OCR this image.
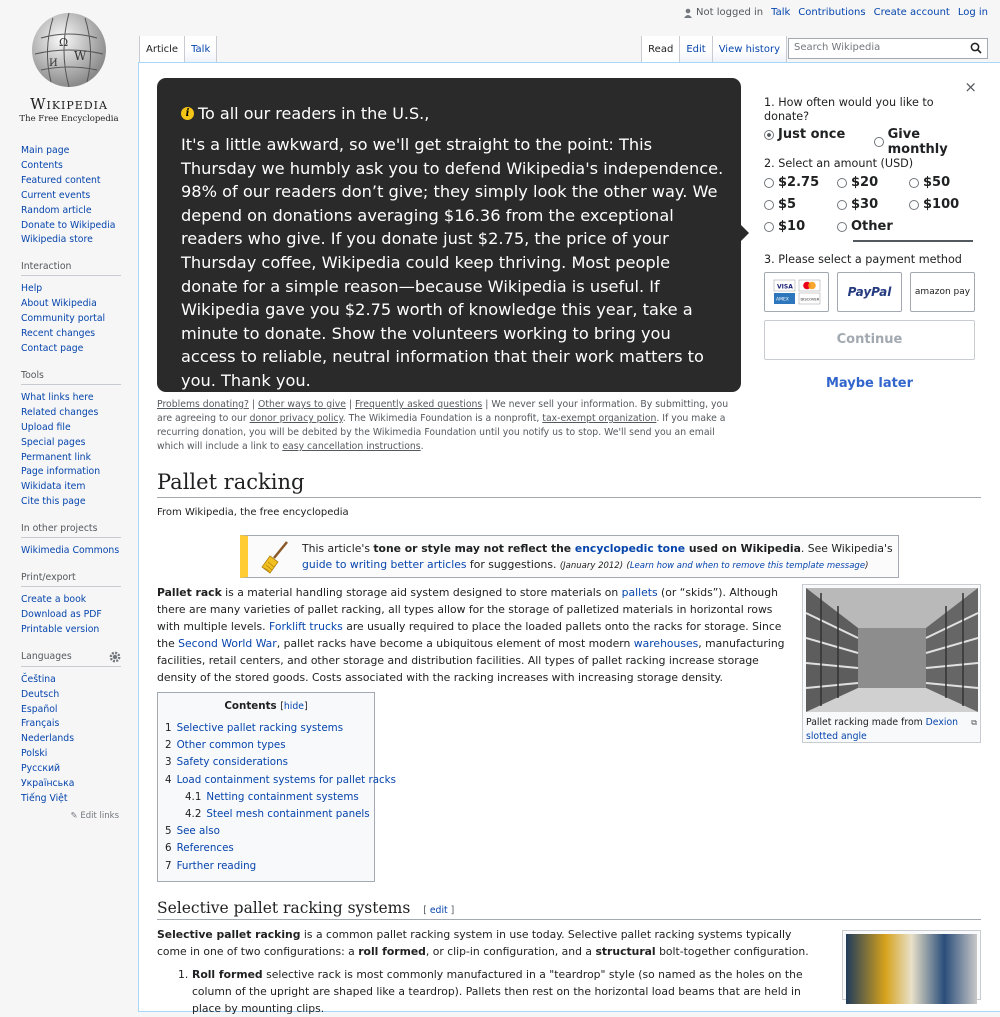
Not logged in Talk Contributions Create account Log in
Ω
W
И
Wikipedia
The Free Encyclopedia
Main page
Contents
Featured content
Current events
Random article
Donate to Wikipedia
Wikipedia store
Interaction
Help
About Wikipedia
Community portal
Recent changes
Contact page
Tools
What links here
Related changes
Upload file
Special pages
Permanent link
Page information
Wikidata item
Cite this page
In other projects
Wikimedia Commons
Print/export
Create a book
Download as PDF
Printable version
Languages
Čeština
Deutsch
Español
Français
Nederlands
Polski
Русский
Українська
Tiếng Việt
✎ Edit links
Article	Talk	Read	Edit	View history	Search Wikipedia
i To all our readers in the U.S.,
It's a little awkward, so we'll get straight to the point: This Thursday we humbly ask you to defend Wikipedia's independence. 98% of our readers don’t give; they simply look the other way. We depend on donations averaging $16.36 from the exceptional readers who give. If you donate just $2.75, the price of your Thursday coffee, Wikipedia could keep thriving. Most people donate for a simple reason—because Wikipedia is useful. If Wikipedia gave you $2.75 worth of knowledge this year, take a minute to donate. Show the volunteers working to bring you access to reliable, neutral information that their work matters to you. Thank you.
×
1. How often would you like to donate?
Just once	Give monthly
2. Select an amount (USD)
$2.75 $20	$50
$5	$30	$100
$10	Other
3. Please select a payment method
VISA
AMEX	DISCOVER
PayPal	amazon pay
Continue
Maybe later
Problems donating? | Other ways to give | Frequently asked questions | We never sell your information. By submitting, you are agreeing to our donor privacy policy. The Wikimedia Foundation is a nonprofit, tax-exempt organization. If you make a recurring donation, you will be debited by the Wikimedia Foundation until you notify us to stop. We'll send you an email which will include a link to easy cancellation instructions.
Pallet racking
From Wikipedia, the free encyclopedia
This article's tone or style may not reflect the encyclopedic tone used on Wikipedia. See Wikipedia's guide to writing better articles for suggestions. (January 2012) (Learn how and when to remove this template message)
Pallet rack is a material handling storage aid system designed to store materials on pallets (or “skids”). Although there are many varieties of pallet racking, all types allow for the storage of palletized materials in horizontal rows with multiple levels. Forklift trucks are usually required to place the loaded pallets onto the racks for storage. Since the Second World War, pallet racks have become a ubiquitous element of most modern warehouses, manufacturing facilities, retail centers, and other storage and distribution facilities. All types of pallet racking increase storage density of the stored goods. Costs associated with the racking increases with increasing storage density.
⧉
Pallet racking made from Dexion slotted angle
Contents [hide]
1 Selective pallet racking systems
2 Other common types
3 Safety considerations
4 Load containment systems for pallet racks
4.1 Netting containment systems
4.2 Steel mesh containment panels
5 See also
6 References
7 Further reading
Selective pallet racking systems [ edit ]
Selective pallet racking is a common pallet racking system in use today. Selective pallet racking systems typically come in one of two configurations: a roll formed, or clip-in configuration, and a structural bolt-together configuration.
1. Roll formed selective rack is most commonly manufactured in a "teardrop" style (so named as the holes on the column of the upright are shaped like a teardrop). Pallets then rest on the horizontal load beams that are held in place by mounting clips.
